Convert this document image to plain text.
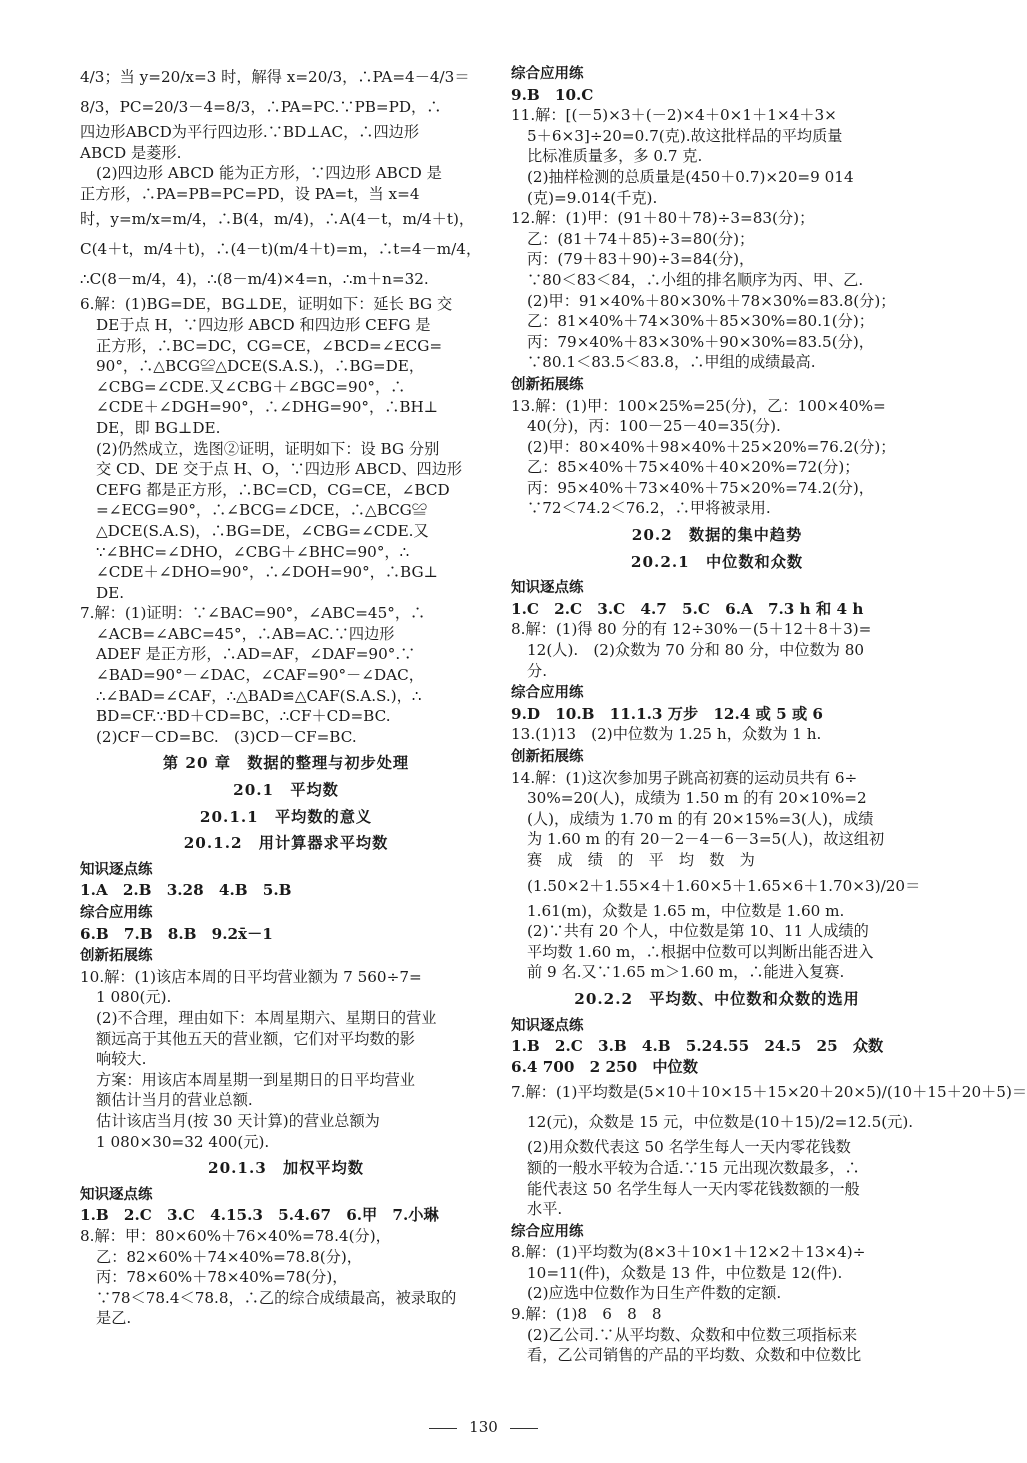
4/3；当 y=20/x=3 时，解得 x=20/3，∴PA=4－4/3＝
8/3，PC=20/3－4=8/3，∴PA=PC.∵PB=PD，∴
四边形ABCD为平行四边形.∵BD⊥AC，∴四边形
ABCD 是菱形.
(2)四边形 ABCD 能为正方形，∵四边形 ABCD 是
正方形，∴PA=PB=PC=PD，设 PA=t，当 x=4
时，y=m/x=m/4，∴B(4，m/4)，∴A(4－t，m/4＋t)，
C(4＋t，m/4＋t)，∴(4－t)(m/4＋t)=m，∴t=4－m/4，
∴C(8－m/4，4)，∴(8－m/4)×4=n，∴m＋n=32.
6.解：(1)BG=DE，BG⊥DE，证明如下：延长 BG 交
DE于点 H，∵四边形 ABCD 和四边形 CEFG 是
正方形，∴BC=DC，CG=CE，∠BCD=∠ECG=
90°，∴△BCG≌△DCE(S.A.S.)，∴BG=DE，
∠CBG=∠CDE.又∠CBG＋∠BGC=90°，∴
∠CDE＋∠DGH=90°，∴∠DHG=90°，∴BH⊥
DE，即 BG⊥DE.
(2)仍然成立，选图②证明，证明如下：设 BG 分别
交 CD、DE 交于点 H、O，∵四边形 ABCD、四边形
CEFG 都是正方形，∴BC=CD，CG=CE，∠BCD
=∠ECG=90°，∴∠BCG=∠DCE，∴△BCG≌
△DCE(S.A.S)，∴BG=DE，∠CBG=∠CDE.又
∵∠BHC=∠DHO，∠CBG＋∠BHC=90°，∴
∠CDE＋∠DHO=90°，∴∠DOH=90°，∴BG⊥
DE.
7.解：(1)证明：∵∠BAC=90°，∠ABC=45°，∴
∠ACB=∠ABC=45°，∴AB=AC.∵四边形
ADEF 是正方形，∴AD=AF，∠DAF=90°.∵
∠BAD=90°－∠DAC，∠CAF=90°－∠DAC，
∴∠BAD=∠CAF，∴△BAD≌△CAF(S.A.S.)，∴
BD=CF.∵BD＋CD=BC，∴CF＋CD=BC.
(2)CF－CD=BC.　(3)CD－CF=BC.
第 20 章　数据的整理与初步处理
20.1　平均数
20.1.1　平均数的意义
20.1.2　用计算器求平均数
知识逐点练
1.A　2.B　3.28　4.B　5.B
综合应用练
6.B　7.B　8.B　9.2x̄－1
创新拓展练
10.解：(1)该店本周的日平均营业额为 7 560÷7=
1 080(元).
(2)不合理，理由如下：本周星期六、星期日的营业
额远高于其他五天的营业额，它们对平均数的影
响较大.
方案：用该店本周星期一到星期日的日平均营业
额估计当月的营业总额.
估计该店当月(按 30 天计算)的营业总额为
1 080×30=32 400(元).
20.1.3　加权平均数
知识逐点练
1.B　2.C　3.C　4.15.3　5.4.67　6.甲　7.小琳
8.解：甲：80×60%＋76×40%=78.4(分)，
乙：82×60%＋74×40%=78.8(分)，
丙：78×60%＋78×40%=78(分)，
∵78＜78.4＜78.8，∴乙的综合成绩最高，被录取的
是乙.
综合应用练
9.B　10.C
11.解：[(－5)×3＋(－2)×4＋0×1＋1×4＋3×
5＋6×3]÷20=0.7(克).故这批样品的平均质量
比标准质量多，多 0.7 克.
(2)抽样检测的总质量是(450＋0.7)×20=9 014
(克)=9.014(千克).
12.解：(1)甲：(91＋80＋78)÷3=83(分)；
乙：(81＋74＋85)÷3=80(分)；
丙：(79＋83＋90)÷3=84(分)，
∵80＜83＜84，∴小组的排名顺序为丙、甲、乙.
(2)甲：91×40%＋80×30%＋78×30%=83.8(分)；
乙：81×40%＋74×30%＋85×30%=80.1(分)；
丙：79×40%＋83×30%＋90×30%=83.5(分)，
∵80.1＜83.5＜83.8，∴甲组的成绩最高.
创新拓展练
13.解：(1)甲：100×25%=25(分)，乙：100×40%=
40(分)，丙：100－25－40=35(分).
(2)甲：80×40%＋98×40%＋25×20%=76.2(分)；
乙：85×40%＋75×40%＋40×20%=72(分)；
丙：95×40%＋73×40%＋75×20%=74.2(分)，
∵72＜74.2＜76.2，∴甲将被录用.
20.2　数据的集中趋势
20.2.1　中位数和众数
知识逐点练
1.C　2.C　3.C　4.7　5.C　6.A　7.3 h 和 4 h
8.解：(1)得 80 分的有 12÷30%－(5＋12＋8＋3)=
12(人).　(2)众数为 70 分和 80 分，中位数为 80
分.
综合应用练
9.D　10.B　11.1.3 万步　12.4 或 5 或 6
13.(1)13　(2)中位数为 1.25 h，众数为 1 h.
创新拓展练
14.解：(1)这次参加男子跳高初赛的运动员共有 6÷
30%=20(人)，成绩为 1.50 m 的有 20×10%=2
(人)，成绩为 1.70 m 的有 20×15%=3(人)，成绩
为 1.60 m 的有 20－2－4－6－3=5(人)，故这组初
赛　成　绩　的　平　均　数　为
(1.50×2＋1.55×4＋1.60×5＋1.65×6＋1.70×3)/20＝
1.61(m)，众数是 1.65 m，中位数是 1.60 m.
(2)∵共有 20 个人，中位数是第 10、11 人成绩的
平均数 1.60 m，∴根据中位数可以判断出能否进入
前 9 名.又∵1.65 m＞1.60 m，∴能进入复赛.
20.2.2　平均数、中位数和众数的选用
知识逐点练
1.B　2.C　3.B　4.B　5.24.55　24.5　25　众数
6.4 700　2 250　中位数
7.解：(1)平均数是(5×10＋10×15＋15×20＋20×5)/(10＋15＋20＋5)＝
12(元)，众数是 15 元，中位数是(10＋15)/2=12.5(元).
(2)用众数代表这 50 名学生每人一天内零花钱数
额的一般水平较为合适.∵15 元出现次数最多，∴
能代表这 50 名学生每人一天内零花钱数额的一般
水平.
综合应用练
8.解：(1)平均数为(8×3＋10×1＋12×2＋13×4)÷
10=11(件)，众数是 13 件，中位数是 12(件).
(2)应选中位数作为日生产件数的定额.
9.解：(1)8　6　8　8
(2)乙公司.∵从平均数、众数和中位数三项指标来
看，乙公司销售的产品的平均数、众数和中位数比
130
